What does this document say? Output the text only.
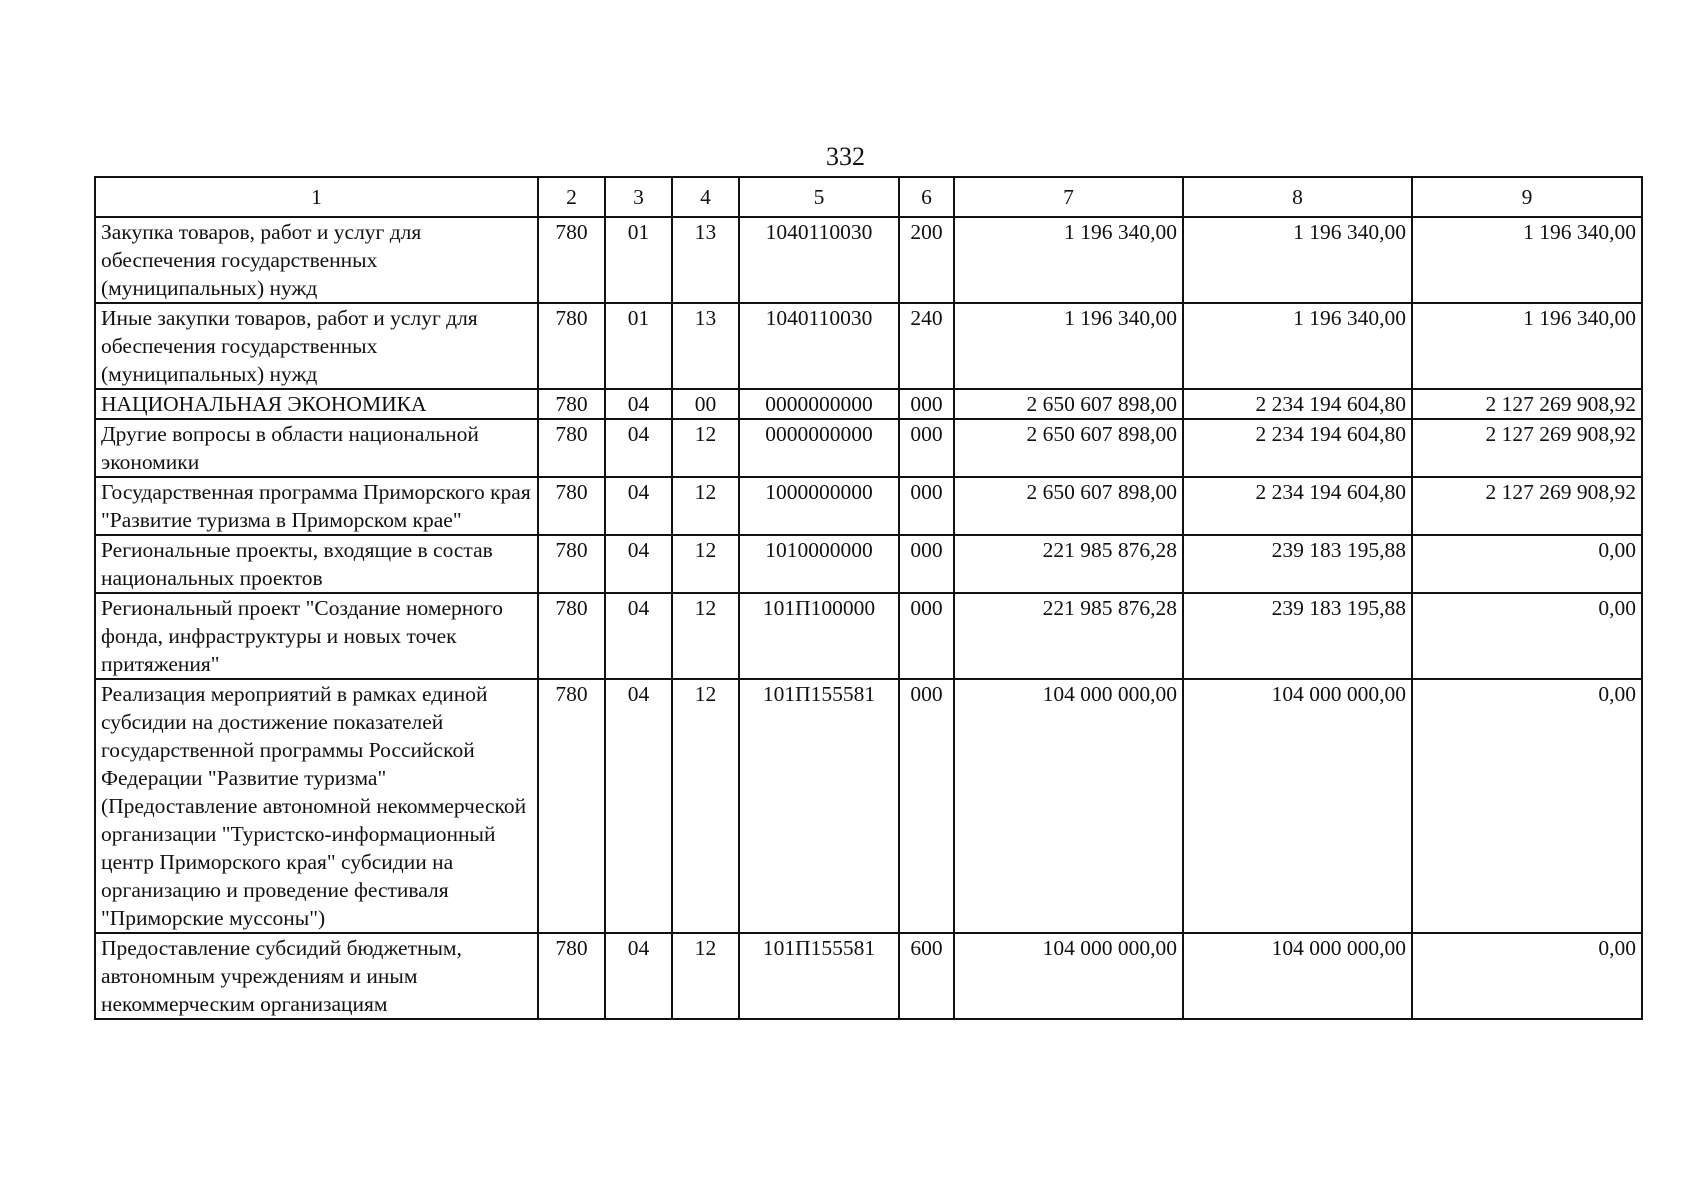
332
1	2	3	4	5	6	7	8	9
Закупка товаров, работ и услуг для обеспечения государственных (муниципальных) нужд	780	01	13	1040110030	200	1 196 340,00	1 196 340,00	1 196 340,00
Иные закупки товаров, работ и услуг для обеспечения государственных (муниципальных) нужд	780	01	13	1040110030	240	1 196 340,00	1 196 340,00	1 196 340,00
НАЦИОНАЛЬНАЯ ЭКОНОМИКА	780	04	00	0000000000	000	2 650 607 898,00	2 234 194 604,80	2 127 269 908,92
Другие вопросы в области национальной экономики	780	04	12	0000000000	000	2 650 607 898,00	2 234 194 604,80	2 127 269 908,92
Государственная программа Приморского края "Развитие туризма в Приморском крае"	780	04	12	1000000000	000	2 650 607 898,00	2 234 194 604,80	2 127 269 908,92
Региональные проекты, входящие в состав национальных проектов	780	04	12	1010000000	000	221 985 876,28	239 183 195,88	0,00
Региональный проект "Создание номерного фонда, инфраструктуры и новых точек притяжения"	780	04	12	101П100000	000	221 985 876,28	239 183 195,88	0,00
Реализация мероприятий в рамках единой субсидии на достижение показателей государственной программы Российской Федерации "Развитие туризма" (Предоставление автономной некоммерческой организации "Туристско-информационный центр Приморского края" субсидии на организацию и проведение фестиваля "Приморские муссоны")	780	04	12	101П155581	000	104 000 000,00	104 000 000,00	0,00
Предоставление субсидий бюджетным, автономным учреждениям и иным некоммерческим организациям	780	04	12	101П155581	600	104 000 000,00	104 000 000,00	0,00
